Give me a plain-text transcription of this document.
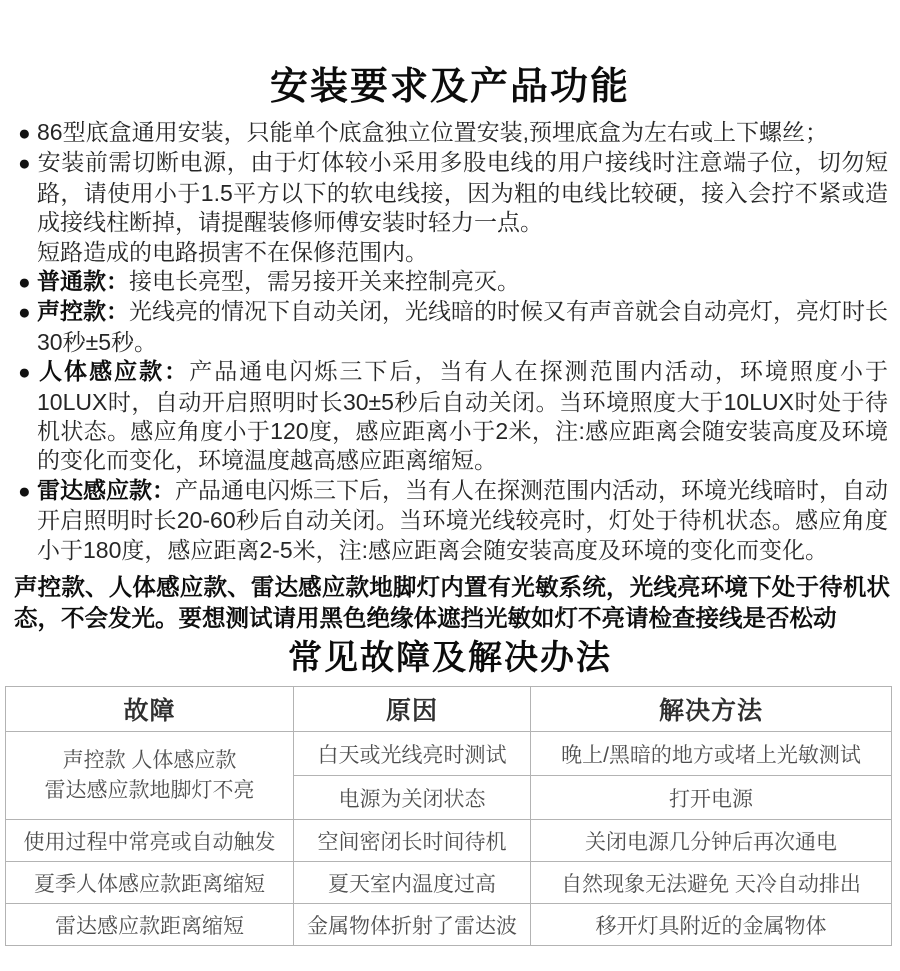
安装要求及产品功能

● 86型底盒通用安装，只能单个底盒独立位置安装,预埋底盒为左右或上下螺丝；

● 安装前需切断电源，由于灯体较小采用多股电线的用户接线时注意端子位，切勿短路，请使用小于1.5平方以下的软电线接，因为粗的电线比较硬，接入会拧不紧或造成接线柱断掉，请提醒装修师傅安装时轻力一点。
短路造成的电路损害不在保修范围内。

● 普通款：接电长亮型，需另接开关来控制亮灭。

● 声控款：光线亮的情况下自动关闭，光线暗的时候又有声音就会自动亮灯，亮灯时长30秒±5秒。

● 人体感应款：产品通电闪烁三下后，当有人在探测范围内活动，环境照度小于10LUX时，自动开启照明时长30±5秒后自动关闭。当环境照度大于10LUX时处于待机状态。感应角度小于120度，感应距离小于2米，注:感应距离会随安装高度及环境的变化而变化，环境温度越高感应距离缩短。

● 雷达感应款：产品通电闪烁三下后，当有人在探测范围内活动，环境光线暗时，自动开启照明时长20-60秒后自动关闭。当环境光线较亮时，灯处于待机状态。感应角度小于180度，感应距离2-5米，注:感应距离会随安装高度及环境的变化而变化。

声控款、人体感应款、雷达感应款地脚灯内置有光敏系统，光线亮环境下处于待机状态，不会发光。要想测试请用黑色绝缘体遮挡光敏如灯不亮请检查接线是否松动

常见故障及解决办法
故障	原因	解决方法

声控款 人体感应款
雷达感应款地脚灯不亮	白天或光线亮时测试	晚上/黑暗的地方或堵上光敏测试
	电源为关闭状态	打开电源
使用过程中常亮或自动触发	空间密闭长时间待机	关闭电源几分钟后再次通电
夏季人体感应款距离缩短	夏天室内温度过高	自然现象无法避免 天冷自动排出
雷达感应款距离缩短	金属物体折射了雷达波	移开灯具附近的金属物体
